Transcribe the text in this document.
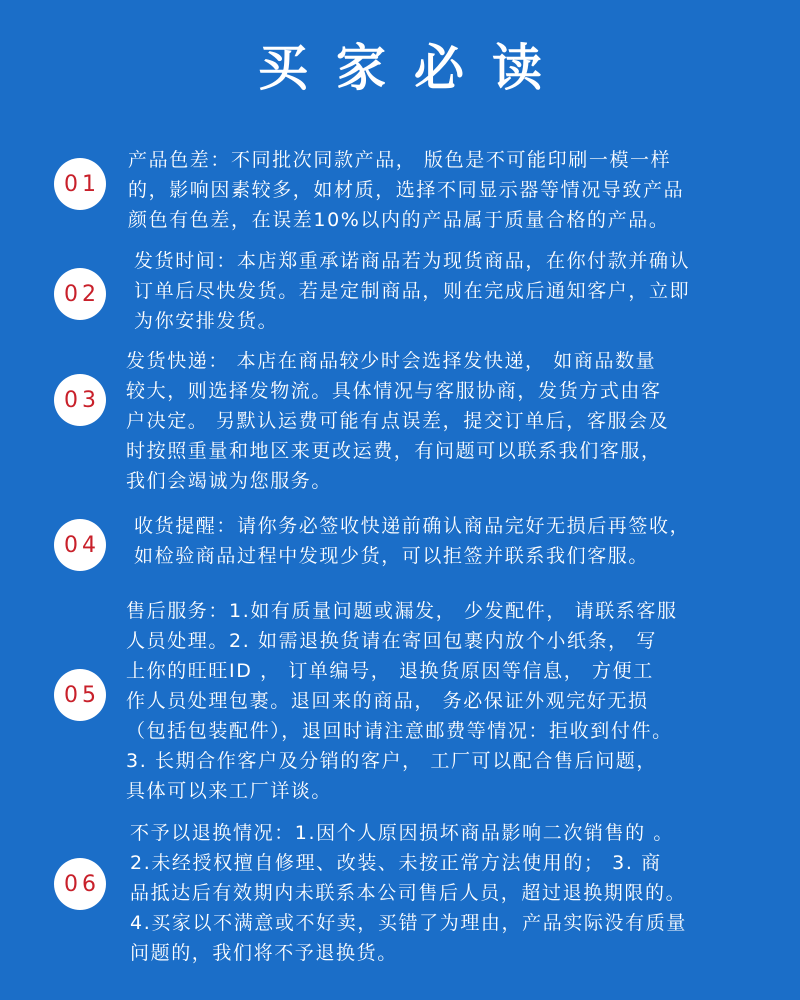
买家必读
01
产品色差：不同批次同款产品， 版色是不可能印刷一模一样
的，影响因素较多，如材质，选择不同显示器等情况导致产品
颜色有色差，在误差10%以内的产品属于质量合格的产品。
02
发货时间：本店郑重承诺商品若为现货商品，在你付款并确认
订单后尽快发货。若是定制商品，则在完成后通知客户，立即
为你安排发货。
03
发货快递： 本店在商品较少时会选择发快递， 如商品数量
较大，则选择发物流。具体情况与客服协商，发货方式由客
户决定。 另默认运费可能有点误差，提交订单后，客服会及
时按照重量和地区来更改运费，有问题可以联系我们客服，
我们会竭诚为您服务。
04
收货提醒：请你务必签收快递前确认商品完好无损后再签收，
如检验商品过程中发现少货，可以拒签并联系我们客服。
05
售后服务：1.如有质量问题或漏发， 少发配件， 请联系客服
人员处理。2. 如需退换货请在寄回包裹内放个小纸条， 写
上你的旺旺ID ， 订单编号， 退换货原因等信息， 方便工
作人员处理包裹。退回来的商品， 务必保证外观完好无损
（包括包装配件），退回时请注意邮费等情况：拒收到付件。
3. 长期合作客户及分销的客户， 工厂可以配合售后问题，
具体可以来工厂详谈。
06
不予以退换情况：1.因个人原因损坏商品影响二次销售的 。
2.未经授权擅自修理、改装、未按正常方法使用的； 3. 商
品抵达后有效期内未联系本公司售后人员，超过退换期限的。
4.买家以不满意或不好卖，买错了为理由，产品实际没有质量
问题的，我们将不予退换货。
